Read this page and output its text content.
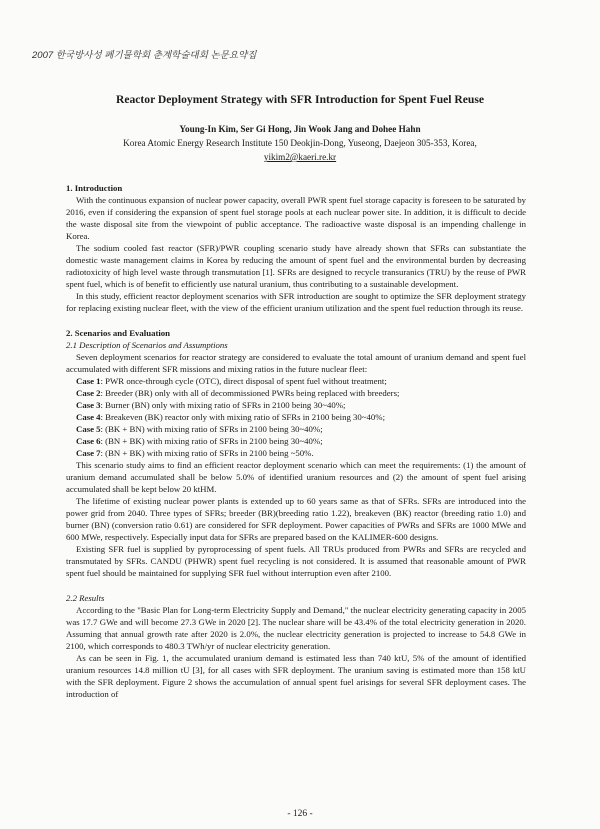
2007 한국방사성 폐기물학회 춘계학술대회 논문요약집
Reactor Deployment Strategy with SFR Introduction for Spent Fuel Reuse
Young-In Kim, Ser Gi Hong, Jin Wook Jang and Dohee Hahn
Korea Atomic Energy Research Institute 150 Deokjin-Dong, Yuseong, Daejeon 305-353, Korea,
yikim2@kaeri.re.kr

1. Introduction

With the continuous expansion of nuclear power capacity, overall PWR spent fuel storage capacity is foreseen to be saturated by 2016, even if considering the expansion of spent fuel storage pools at each nuclear power site. In addition, it is difficult to decide the waste disposal site from the viewpoint of public acceptance. The radioactive waste disposal is an impending challenge in Korea.

The sodium cooled fast reactor (SFR)/PWR coupling scenario study have already shown that SFRs can substantiate the domestic waste management claims in Korea by reducing the amount of spent fuel and the environmental burden by decreasing radiotoxicity of high level waste through transmutation [1]. SFRs are designed to recycle transuranics (TRU) by the reuse of PWR spent fuel, which is of benefit to efficiently use natural uranium, thus contributing to a sustainable development.

In this study, efficient reactor deployment scenarios with SFR introduction are sought to optimize the SFR deployment strategy for replacing existing nuclear fleet, with the view of the efficient uranium utilization and the spent fuel reduction through its reuse.

2. Scenarios and Evaluation

2.1 Description of Scenarios and Assumptions

Seven deployment scenarios for reactor strategy are considered to evaluate the total amount of uranium demand and spent fuel accumulated with different SFR missions and mixing ratios in the future nuclear fleet:

Case 1: PWR once-through cycle (OTC), direct disposal of spent fuel without treatment;

Case 2: Breeder (BR) only with all of decommissioned PWRs being replaced with breeders;

Case 3: Burner (BN) only with mixing ratio of SFRs in 2100 being 30~40%;

Case 4: Breakeven (BK) reactor only with mixing ratio of SFRs in 2100 being 30~40%;

Case 5: (BK + BN) with mixing ratio of SFRs in 2100 being 30~40%;

Case 6: (BN + BK) with mixing ratio of SFRs in 2100 being 30~40%;

Case 7: (BN + BK) with mixing ratio of SFRs in 2100 being ~50%.

This scenario study aims to find an efficient reactor deployment scenario which can meet the requirements: (1) the amount of uranium demand accumulated shall be below 5.0% of identified uranium resources and (2) the amount of spent fuel arising accumulated shall be kept below 20 ktHM.

The lifetime of existing nuclear power plants is extended up to 60 years same as that of SFRs. SFRs are introduced into the power grid from 2040. Three types of SFRs; breeder (BR)(breeding ratio 1.22), breakeven (BK) reactor (breeding ratio 1.0) and burner (BN) (conversion ratio 0.61) are considered for SFR deployment. Power capacities of PWRs and SFRs are 1000 MWe and 600 MWe, respectively. Especially input data for SFRs are prepared based on the KALIMER-600 designs.

Existing SFR fuel is supplied by pyroprocessing of spent fuels. All TRUs produced from PWRs and SFRs are recycled and transmutated by SFRs. CANDU (PHWR) spent fuel recycling is not considered. It is assumed that reasonable amount of PWR spent fuel should be maintained for supplying SFR fuel without interruption even after 2100.

2.2 Results

According to the "Basic Plan for Long-term Electricity Supply and Demand," the nuclear electricity generating capacity in 2005 was 17.7 GWe and will become 27.3 GWe in 2020 [2]. The nuclear share will be 43.4% of the total electricity generation in 2020. Assuming that annual growth rate after 2020 is 2.0%, the nuclear electricity generation is projected to increase to 54.8 GWe in 2100, which corresponds to 480.3 TWh/yr of nuclear electricity generation.

As can be seen in Fig. 1, the accumulated uranium demand is estimated less than 740 ktU, 5% of the amount of identified uranium resources 14.8 million tU [3], for all cases with SFR deployment. The uranium saving is estimated more than 158 ktU with the SFR deployment. Figure 2 shows the accumulation of annual spent fuel arisings for several SFR deployment cases. The introduction of

- 126 -
